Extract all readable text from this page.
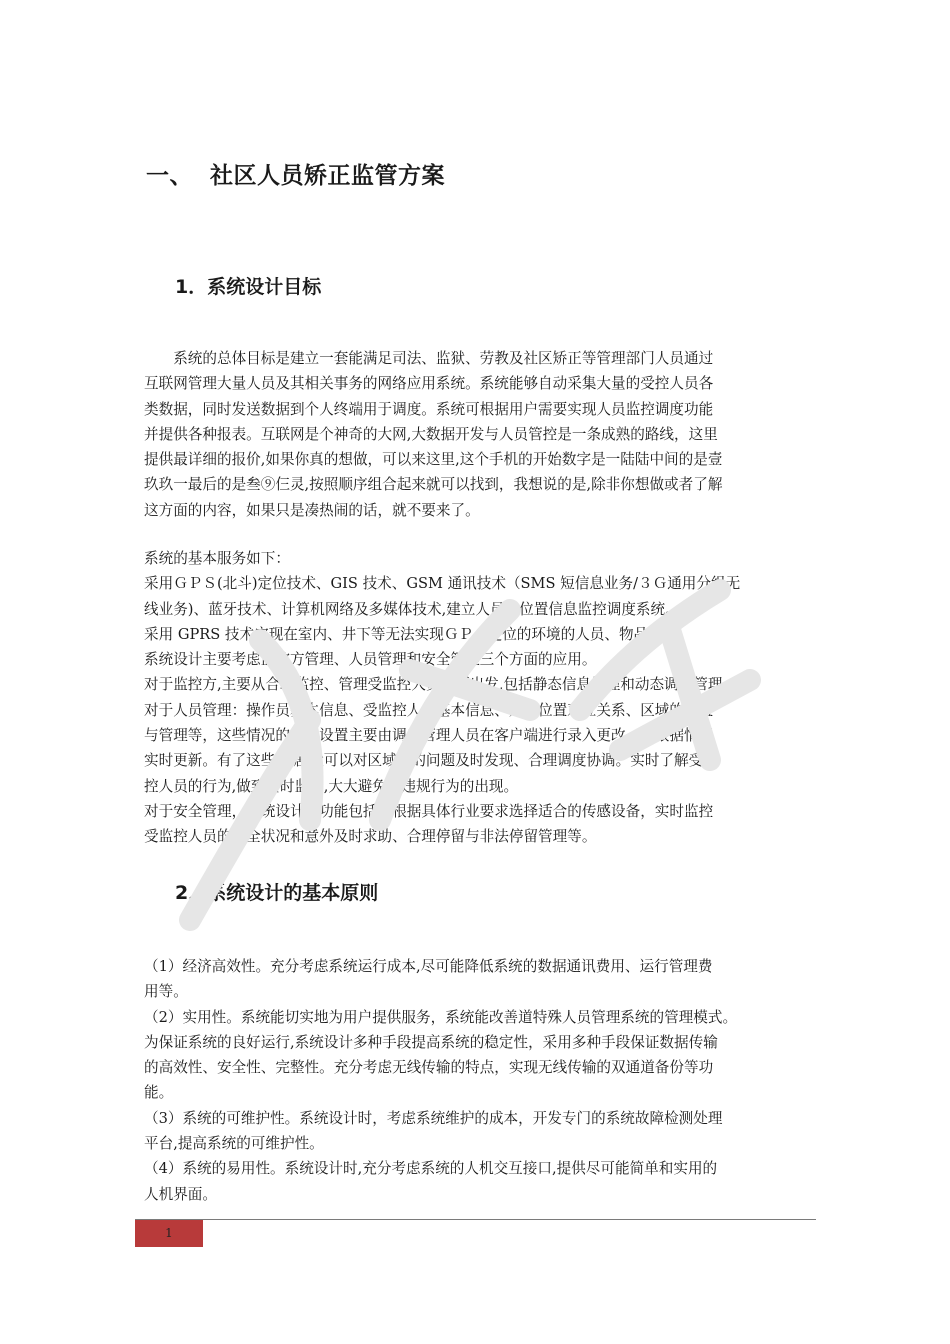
一、 社区人员矫正监管方案
1．系统设计目标
　　系统的总体目标是建立一套能满足司法、监狱、劳教及社区矫正等管理部门人员通过
互联网管理大量人员及其相关事务的网络应用系统。系统能够自动采集大量的受控人员各
类数据，同时发送数据到个人终端用于调度。系统可根据用户需要实现人员监控调度功能
并提供各种报表。互联网是个神奇的大网,大数据开发与人员管控是一条成熟的路线，这里
提供最详细的报价,如果你真的想做，可以来这里,这个手机的开始数字是一陆陆中间的是壹
玖玖一最后的是叁⑨仨灵,按照顺序组合起来就可以找到，我想说的是,除非你想做或者了解
这方面的内容，如果只是凑热闹的话，就不要来了。
系统的基本服务如下：
采用ＧＰＳ(北斗)定位技术、GIS 技术、GSM 通讯技术（SMS 短信息业务/３Ｇ通用分组无
线业务)、蓝牙技术、计算机网络及多媒体技术,建立人员的位置信息监控调度系统。
采用 GPRS 技术实现在室内、井下等无法实现ＧＰＳ定位的环境的人员、物品定位。
系统设计主要考虑监控方管理、人员管理和安全管理三个方面的应用。
对于监控方,主要从合理监控、管理受监控人员方面出发,包括静态信息管理和动态调度管理。
对于人员管理：操作员基本信息、受监控人员基本信息、人员位置对应关系、区域的设置
与管理等，这些情况的初始设置主要由调度管理人员在客户端进行录入更改，并根据情况
实时更新。有了这些数据,就可以对区域内的问题及时发现、合理调度协调。实时了解受监
控人员的行为,做到实时监督,大大避免了违规行为的出现。
对于安全管理，系统设计的功能包括：根据具体行业要求选择适合的传感设备，实时监控
受监控人员的安全状况和意外及时求助、合理停留与非法停留管理等。
2．系统设计的基本原则
（1）经济高效性。充分考虑系统运行成本,尽可能降低系统的数据通讯费用、运行管理费
用等。
（2）实用性。系统能切实地为用户提供服务，系统能改善道特殊人员管理系统的管理模式。
为保证系统的良好运行,系统设计多种手段提高系统的稳定性，采用多种手段保证数据传输
的高效性、安全性、完整性。充分考虑无线传输的特点，实现无线传输的双通道备份等功
能。
（3）系统的可维护性。系统设计时，考虑系统维护的成本，开发专门的系统故障检测处理
平台,提高系统的可维护性。
（4）系统的易用性。系统设计时,充分考虑系统的人机交互接口,提供尽可能简单和实用的
人机界面。
1
